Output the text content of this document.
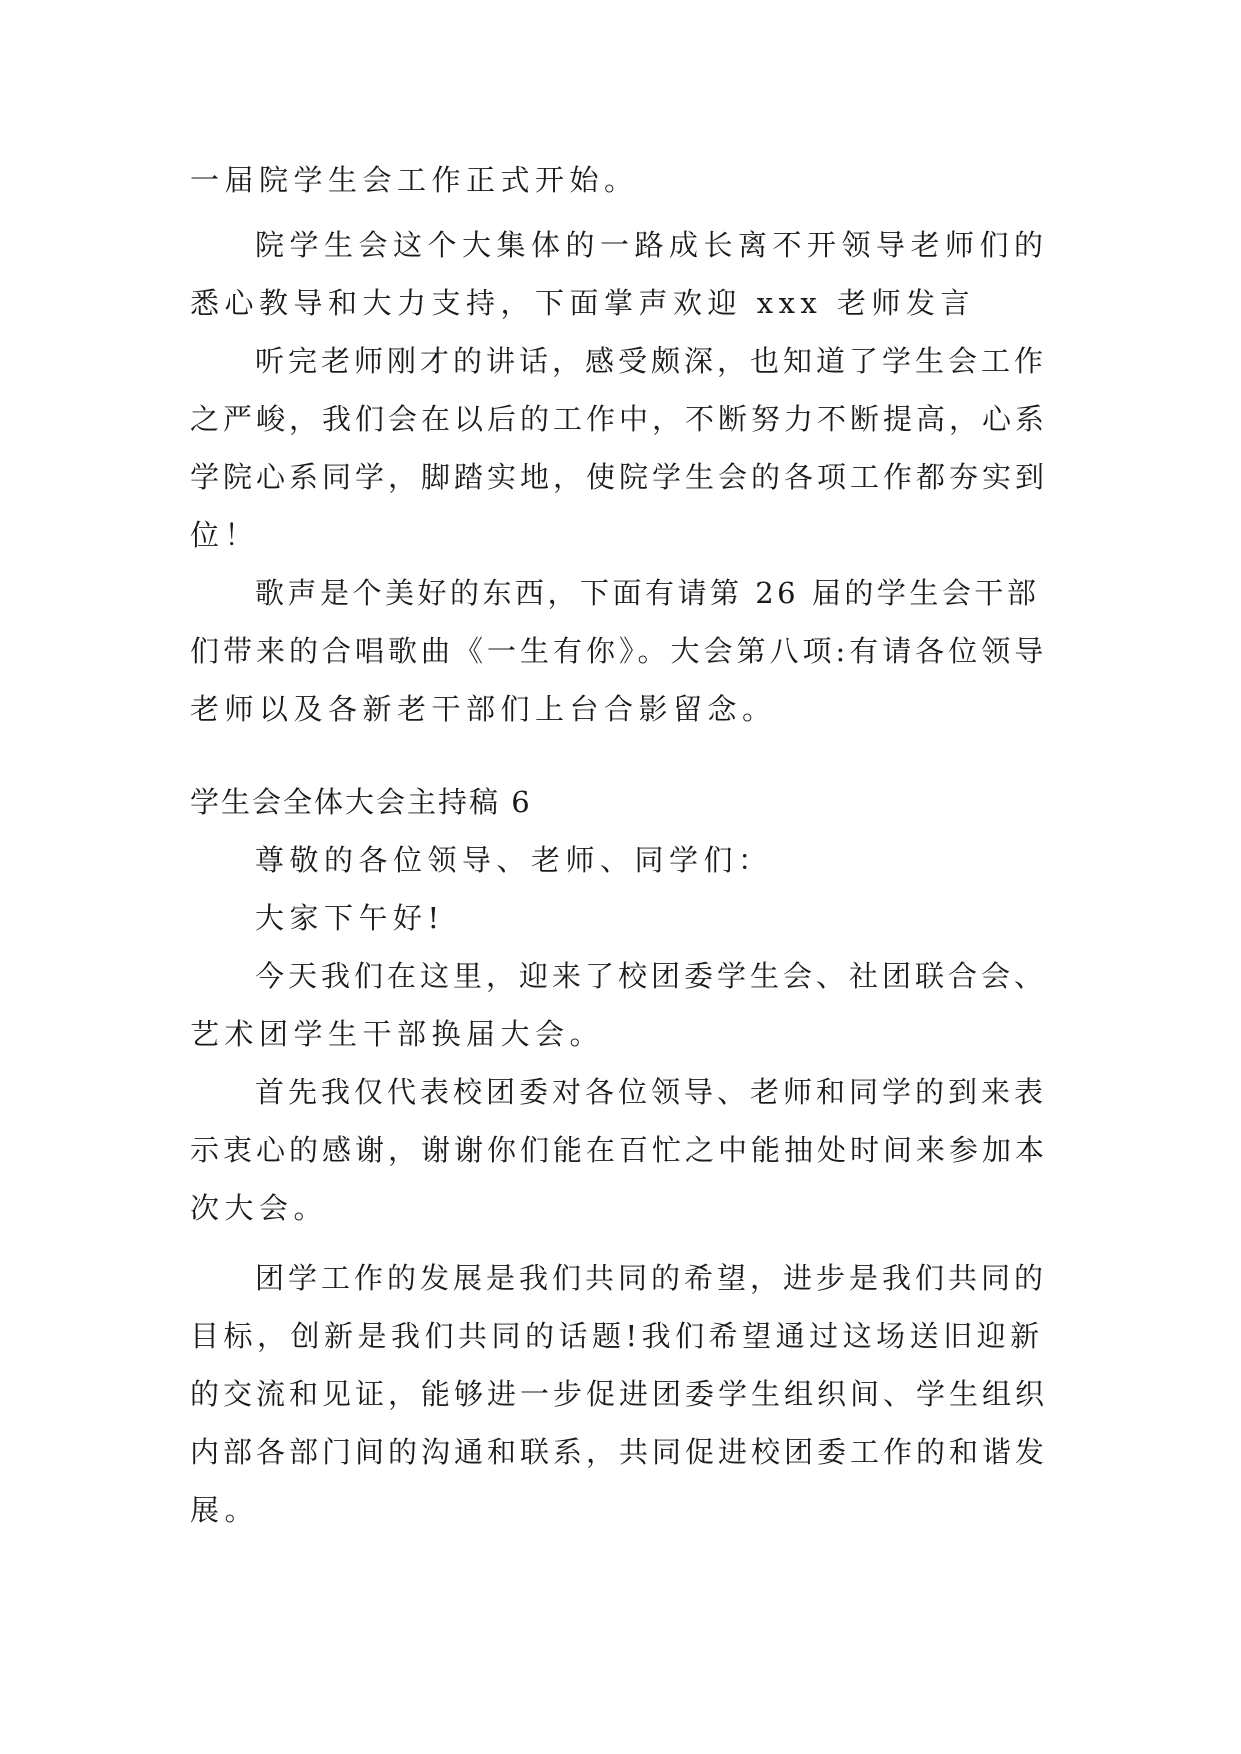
一届院学生会工作正式开始。

院学生会这个大集体的一路成长离不开领导老师们的

悉心教导和大力支持，下面掌声欢迎 xxx 老师发言

听完老师刚才的讲话，感受颇深，也知道了学生会工作

之严峻，我们会在以后的工作中，不断努力不断提高，心系

学院心系同学，脚踏实地，使院学生会的各项工作都夯实到

位！

歌声是个美好的东西，下面有请第 26 届的学生会干部

们带来的合唱歌曲《一生有你》。大会第八项:有请各位领导

老师以及各新老干部们上台合影留念。

学生会全体大会主持稿 6

尊敬的各位领导、老师、同学们：

大家下午好!

今天我们在这里，迎来了校团委学生会、社团联合会、

艺术团学生干部换届大会。

首先我仅代表校团委对各位领导、老师和同学的到来表

示衷心的感谢，谢谢你们能在百忙之中能抽处时间来参加本

次大会。

团学工作的发展是我们共同的希望，进步是我们共同的

目标，创新是我们共同的话题!我们希望通过这场送旧迎新

的交流和见证，能够进一步促进团委学生组织间、学生组织

内部各部门间的沟通和联系，共同促进校团委工作的和谐发

展。
